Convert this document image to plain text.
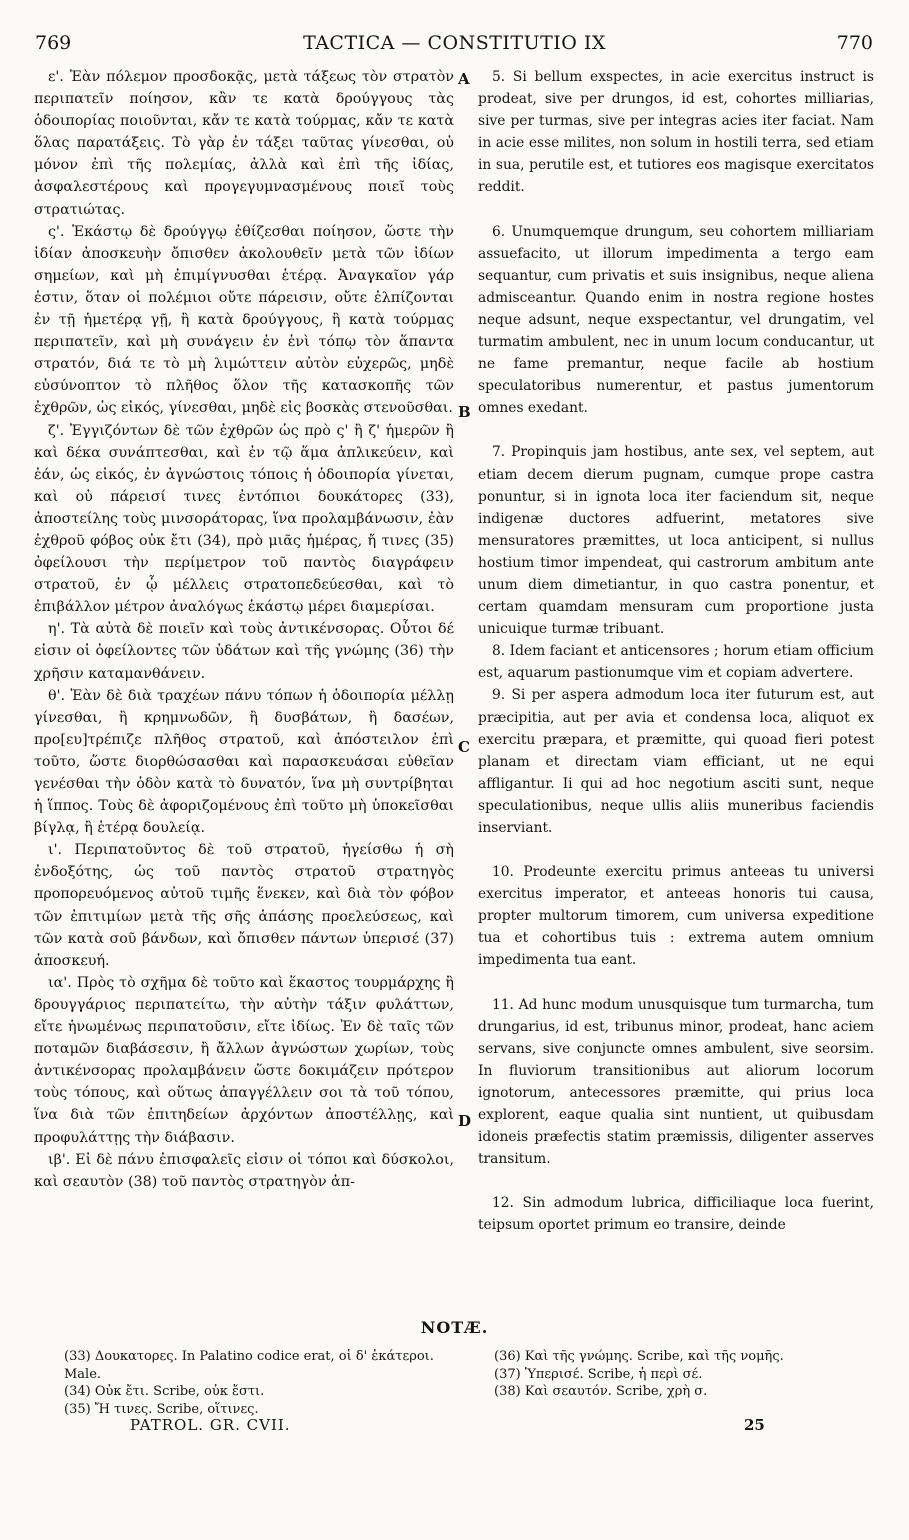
769	TACTICA — CONSTITUTIO IX	770

ε'. Ἐὰν πόλεμον προσδοκᾷς, μετὰ τάξεως τὸν στρατὸν περιπατεῖν ποίησον, κἂν τε κατὰ δρούγγους τὰς ὁδοιπορίας ποιοῦνται, κἄν τε κατὰ τούρμας, κἄν τε κατὰ ὅλας παρατάξεις. Τὸ γὰρ ἐν τάξει ταῦτας γίνεσθαι, οὐ μόνον ἐπὶ τῆς πολεμίας, ἀλλὰ καὶ ἐπὶ τῆς ἰδίας, ἀσφαλεστέρους καὶ προγεγυμνασμένους ποιεῖ τοὺς στρατιώτας.

ς'. Ἑκάστῳ δὲ δρούγγῳ ἐθίζεσθαι ποίησον, ὥστε τὴν ἰδίαν ἀποσκευὴν ὄπισθεν ἀκολουθεῖν μετὰ τῶν ἰδίων σημείων, καὶ μὴ ἐπιμίγνυσθαι ἑτέρᾳ. Ἀναγκαῖον γάρ ἐστιν, ὅταν οἱ πολέμιοι οὔτε πάρεισιν, οὔτε ἐλπίζονται ἐν τῇ ἡμετέρᾳ γῇ, ἢ κατὰ δρούγγους, ἢ κατὰ τούρμας περιπατεῖν, καὶ μὴ συνάγειν ἐν ἑνὶ τόπῳ τὸν ἅπαντα στρατόν, διά τε τὸ μὴ λιμώττειν αὐτὸν εὐχερῶς, μηδὲ εὐσύνοπτον τὸ πλῆθος ὅλον τῆς κατασκοπῆς τῶν ἐχθρῶν, ὡς εἰκός, γίνεσθαι, μηδὲ εἰς βοσκὰς στενοῦσθαι.

ζ'. Ἐγγιζόντων δὲ τῶν ἐχθρῶν ὡς πρὸ ς' ἢ ζ' ἡμερῶν ἢ καὶ δέκα συνάπτεσθαι, καὶ ἐν τῷ ἅμα ἀπλικεύειν, καὶ ἐάν, ὡς εἰκός, ἐν ἀγνώστοις τόποις ἡ ὁδοιπορία γίνεται, καὶ οὐ πάρεισί τινες ἐντόπιοι δουκάτορες (33), ἀποστείλης τοὺς μινσοράτορας, ἵνα προλαμβάνωσιν, ἐὰν ἐχθροῦ φόβος οὐκ ἔτι (34), πρὸ μιᾶς ἡμέρας, ἤ τινες (35) ὀφείλουσι τὴν περίμετρον τοῦ παντὸς διαγράφειν στρατοῦ, ἐν ᾧ μέλλεις στρατοπεδεύεσθαι, καὶ τὸ ἐπιβάλλον μέτρον ἀναλόγως ἑκάστῳ μέρει διαμερίσαι.

η'. Τὰ αὐτὰ δὲ ποιεῖν καὶ τοὺς ἀντικένσορας. Οὗτοι δέ εἰσιν οἱ ὀφείλοντες τῶν ὑδάτων καὶ τῆς γνώμης (36) τὴν χρῆσιν καταμανθάνειν.

θ'. Ἐὰν δὲ διὰ τραχέων πάνυ τόπων ἡ ὁδοιπορία μέλλῃ γίνεσθαι, ἢ κρημνωδῶν, ἢ δυσβάτων, ἢ δασέων, προ[ευ]τρέπιζε πλῆθος στρατοῦ, καὶ ἀπόστειλον ἐπὶ τοῦτο, ὥστε διορθώσασθαι καὶ παρασκευάσαι εὐθεῖαν γενέσθαι τὴν ὁδὸν κατὰ τὸ δυνατόν, ἵνα μὴ συντρίβηται ἡ ἵππος. Τοὺς δὲ ἀφοριζομένους ἐπὶ τοῦτο μὴ ὑποκεῖσθαι βίγλᾳ, ἢ ἑτέρᾳ δουλείᾳ.

ι'. Περιπατοῦντος δὲ τοῦ στρατοῦ, ἡγείσθω ἡ σὴ ἐνδοξότης, ὡς τοῦ παντὸς στρατοῦ στρατηγὸς προπορευόμενος αὐτοῦ τιμῆς ἕνεκεν, καὶ διὰ τὸν φόβον τῶν ἐπιτιμίων μετὰ τῆς σῆς ἁπάσης προελεύσεως, καὶ τῶν κατὰ σοῦ βάνδων, καὶ ὄπισθεν πάντων ὑπερισέ (37) ἀποσκευή.

ια'. Πρὸς τὸ σχῆμα δὲ τοῦτο καὶ ἕκαστος τουρμάρχης ἢ δρουγγάριος περιπατείτω, τὴν αὐτὴν τάξιν φυλάττων, εἴτε ἡνωμένως περιπατοῦσιν, εἴτε ἰδίως. Ἐν δὲ ταῖς τῶν ποταμῶν διαβάσεσιν, ἢ ἄλλων ἀγνώστων χωρίων, τοὺς ἀντικένσορας προλαμβάνειν ὥστε δοκιμάζειν πρότερον τοὺς τόπους, καὶ οὕτως ἀπαγγέλλειν σοι τὰ τοῦ τόπου, ἵνα διὰ τῶν ἐπιτηδείων ἀρχόντων ἀποστέλλῃς, καὶ προφυλάττῃς τὴν διάβασιν.

ιβ'. Εἰ δὲ πάνυ ἐπισφαλεῖς εἰσιν οἱ τόποι καὶ δύσκολοι, καὶ σεαυτὸν (38) τοῦ παντὸς στρατηγὸν ἀπ-

A
B
C
D

5. Si bellum exspectes, in acie exercitus instruct is prodeat, sive per drungos, id est, cohortes milliarias, sive per turmas, sive per integras acies iter faciat. Nam in acie esse milites, non solum in hostili terra, sed etiam in sua, perutile est, et tutiores eos magisque exercitatos reddit.

6. Unumquemque drungum, seu cohortem milliariam assuefacito, ut illorum impedimenta a tergo eam sequantur, cum privatis et suis insignibus, neque aliena admisceantur. Quando enim in nostra regione hostes neque adsunt, neque exspectantur, vel drungatim, vel turmatim ambulent, nec in unum locum conducantur, ut ne fame premantur, neque facile ab hostium speculatoribus numerentur, et pastus jumentorum omnes exedant.

7. Propinquis jam hostibus, ante sex, vel septem, aut etiam decem dierum pugnam, cumque prope castra ponuntur, si in ignota loca iter faciendum sit, neque indigenæ ductores adfuerint, metatores sive mensuratores præmittes, ut loca anticipent, si nullus hostium timor impendeat, qui castrorum ambitum ante unum diem dimetiantur, in quo castra ponentur, et certam quamdam mensuram cum proportione justa unicuique turmæ tribuant.

8. Idem faciant et anticensores ; horum etiam officium est, aquarum pastionumque vim et copiam advertere.

9. Si per aspera admodum loca iter futurum est, aut præcipitia, aut per avia et condensa loca, aliquot ex exercitu præpara, et præmitte, qui quoad fieri potest planam et directam viam efficiant, ut ne equi affligantur. Ii qui ad hoc negotium asciti sunt, neque speculationibus, neque ullis aliis muneribus faciendis inserviant.

10. Prodeunte exercitu primus anteeas tu universi exercitus imperator, et anteeas honoris tui causa, propter multorum timorem, cum universa expeditione tua et cohortibus tuis : extrema autem omnium impedimenta tua eant.

11. Ad hunc modum unusquisque tum turmarcha, tum drungarius, id est, tribunus minor, prodeat, hanc aciem servans, sive conjuncte omnes ambulent, sive seorsim. In fluviorum transitionibus aut aliorum locorum ignotorum, antecessores præmitte, qui prius loca explorent, eaque qualia sint nuntient, ut quibusdam idoneis præfectis statim præmissis, diligenter asserves transitum.

12. Sin admodum lubrica, difficiliaque loca fuerint, teipsum oportet primum eo transire, deinde

NOTÆ.
(33) Δουκατορες. In Palatino codice erat, οἱ δ' ἑκάτεροι. Male.
(34) Οὐκ ἔτι. Scribe, οὐκ ἔστι.
(35) Ἤ τινες. Scribe, οἵτινες.
(36) Καὶ τῆς γνώμης. Scribe, καὶ τῆς νομῆς.
(37) Ὑπερισέ. Scribe, ἡ περὶ σέ.
(38) Καὶ σεαυτόν. Scribe, χρὴ σ.
PATROL. GR. CVII.	25
